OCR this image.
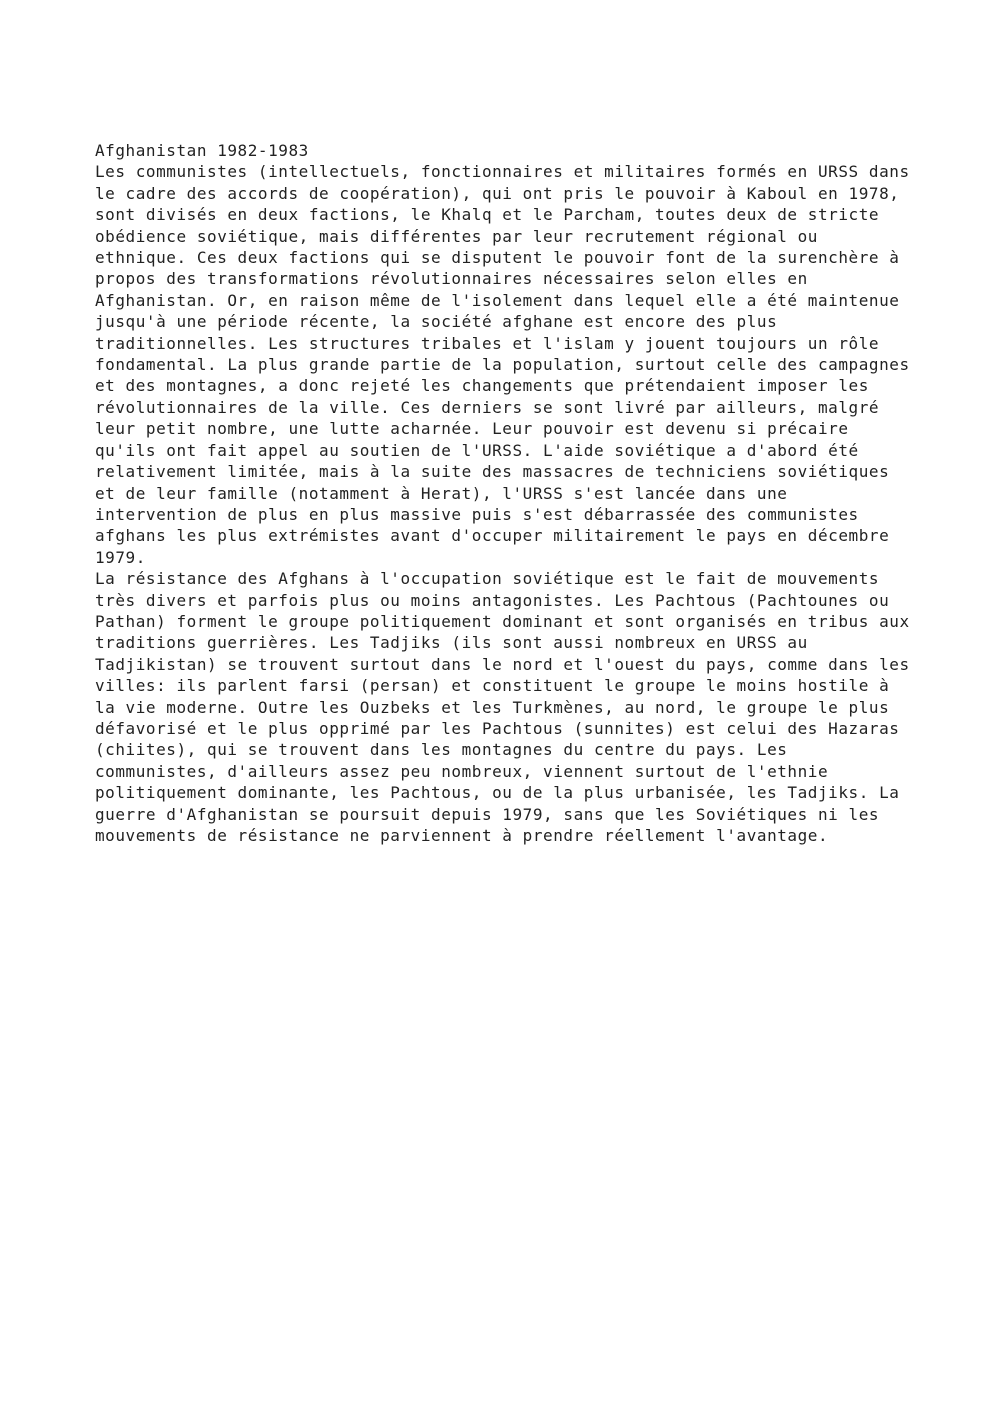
Afghanistan 1982-1983
Les communistes (intellectuels, fonctionnaires et militaires formés en URSS dans
le cadre des accords de coopération), qui ont pris le pouvoir à Kaboul en 1978,
sont divisés en deux factions, le Khalq et le Parcham, toutes deux de stricte
obédience soviétique, mais différentes par leur recrutement régional ou
ethnique. Ces deux factions qui se disputent le pouvoir font de la surenchère à
propos des transformations révolutionnaires nécessaires selon elles en
Afghanistan. Or, en raison même de l'isolement dans lequel elle a été maintenue
jusqu'à une période récente, la société afghane est encore des plus
traditionnelles. Les structures tribales et l'islam y jouent toujours un rôle
fondamental. La plus grande partie de la population, surtout celle des campagnes
et des montagnes, a donc rejeté les changements que prétendaient imposer les
révolutionnaires de la ville. Ces derniers se sont livré par ailleurs, malgré
leur petit nombre, une lutte acharnée. Leur pouvoir est devenu si précaire
qu'ils ont fait appel au soutien de l'URSS. L'aide soviétique a d'abord été
relativement limitée, mais à la suite des massacres de techniciens soviétiques
et de leur famille (notamment à Herat), l'URSS s'est lancée dans une
intervention de plus en plus massive puis s'est débarrassée des communistes
afghans les plus extrémistes avant d'occuper militairement le pays en décembre
1979.
La résistance des Afghans à l'occupation soviétique est le fait de mouvements
très divers et parfois plus ou moins antagonistes. Les Pachtous (Pachtounes ou
Pathan) forment le groupe politiquement dominant et sont organisés en tribus aux
traditions guerrières. Les Tadjiks (ils sont aussi nombreux en URSS au
Tadjikistan) se trouvent surtout dans le nord et l'ouest du pays, comme dans les
villes: ils parlent farsi (persan) et constituent le groupe le moins hostile à
la vie moderne. Outre les Ouzbeks et les Turkmènes, au nord, le groupe le plus
défavorisé et le plus opprimé par les Pachtous (sunnites) est celui des Hazaras
(chiites), qui se trouvent dans les montagnes du centre du pays. Les
communistes, d'ailleurs assez peu nombreux, viennent surtout de l'ethnie
politiquement dominante, les Pachtous, ou de la plus urbanisée, les Tadjiks. La
guerre d'Afghanistan se poursuit depuis 1979, sans que les Soviétiques ni les
mouvements de résistance ne parviennent à prendre réellement l'avantage.
